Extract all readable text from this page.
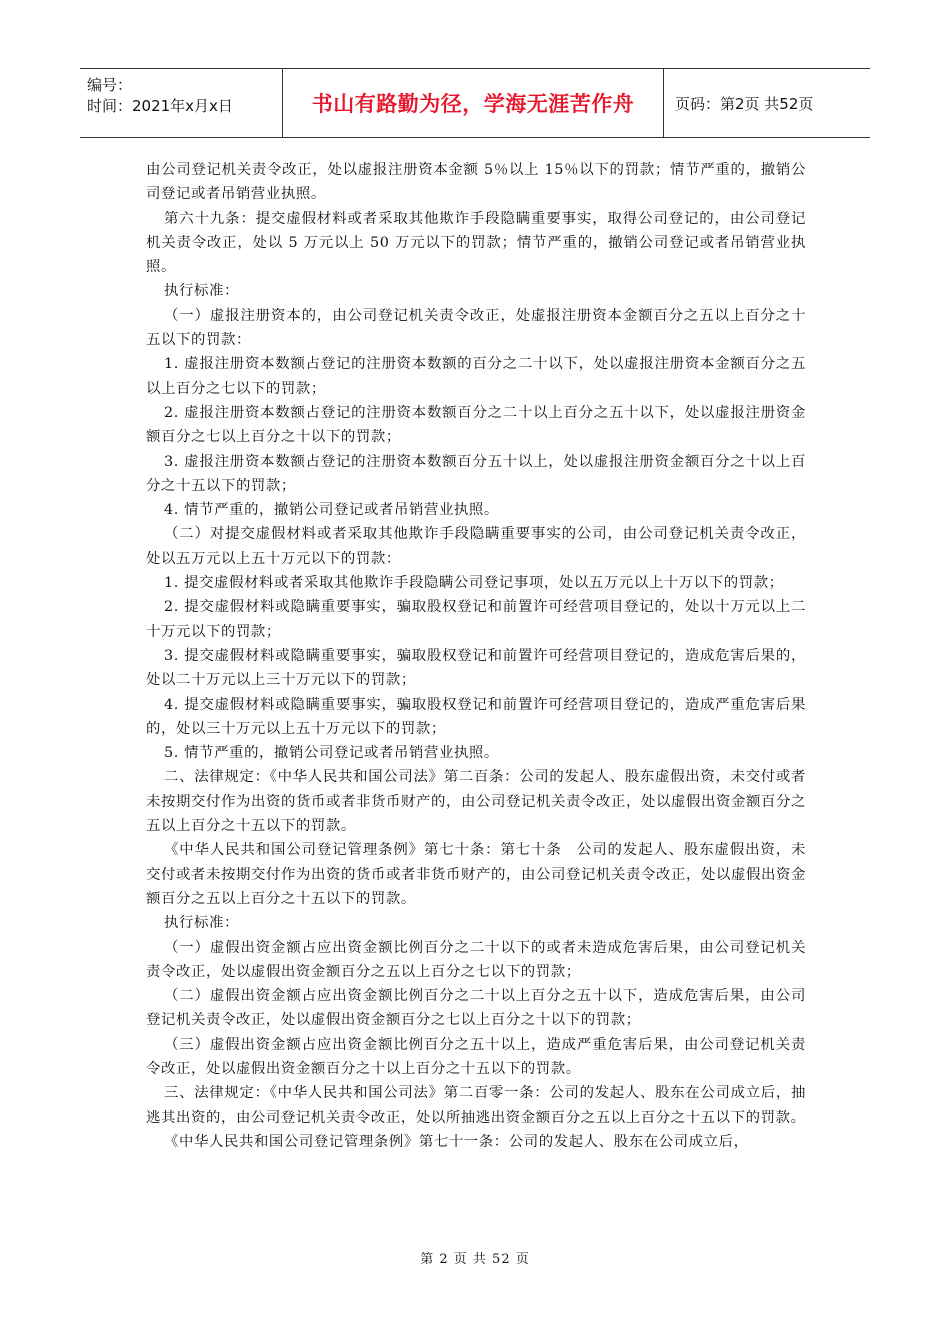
编号：
时间：2021年x月x日	书山有路勤为径，学海无涯苦作舟	页码：第2页 共52页

由公司登记机关责令改正，处以虚报注册资本金额 5％以上 15％以下的罚款；情节严重的，撤销公司登记或者吊销营业执照。

第六十九条：提交虚假材料或者采取其他欺诈手段隐瞒重要事实，取得公司登记的，由公司登记机关责令改正，处以 5 万元以上 50 万元以下的罚款；情节严重的，撤销公司登记或者吊销营业执照。

执行标准：

（一）虚报注册资本的，由公司登记机关责令改正，处虚报注册资本金额百分之五以上百分之十五以下的罚款：

1. 虚报注册资本数额占登记的注册资本数额的百分之二十以下，处以虚报注册资本金额百分之五以上百分之七以下的罚款；

2. 虚报注册资本数额占登记的注册资本数额百分之二十以上百分之五十以下，处以虚报注册资金额百分之七以上百分之十以下的罚款；

3. 虚报注册资本数额占登记的注册资本数额百分五十以上，处以虚报注册资金额百分之十以上百分之十五以下的罚款；

4. 情节严重的，撤销公司登记或者吊销营业执照。

（二）对提交虚假材料或者采取其他欺诈手段隐瞒重要事实的公司，由公司登记机关责令改正，处以五万元以上五十万元以下的罚款：

1. 提交虚假材料或者采取其他欺诈手段隐瞒公司登记事项，处以五万元以上十万以下的罚款；

2. 提交虚假材料或隐瞒重要事实，骗取股权登记和前置许可经营项目登记的，处以十万元以上二十万元以下的罚款；

3. 提交虚假材料或隐瞒重要事实，骗取股权登记和前置许可经营项目登记的，造成危害后果的，处以二十万元以上三十万元以下的罚款；

4. 提交虚假材料或隐瞒重要事实，骗取股权登记和前置许可经营项目登记的，造成严重危害后果的，处以三十万元以上五十万元以下的罚款；

5. 情节严重的，撤销公司登记或者吊销营业执照。

二、法律规定：《中华人民共和国公司法》第二百条：公司的发起人、股东虚假出资，未交付或者未按期交付作为出资的货币或者非货币财产的，由公司登记机关责令改正，处以虚假出资金额百分之五以上百分之十五以下的罚款。

《中华人民共和国公司登记管理条例》第七十条：第七十条　公司的发起人、股东虚假出资，未交付或者未按期交付作为出资的货币或者非货币财产的，由公司登记机关责令改正，处以虚假出资金额百分之五以上百分之十五以下的罚款。

执行标准：

（一）虚假出资金额占应出资金额比例百分之二十以下的或者未造成危害后果，由公司登记机关责令改正，处以虚假出资金额百分之五以上百分之七以下的罚款；

（二）虚假出资金额占应出资金额比例百分之二十以上百分之五十以下，造成危害后果，由公司登记机关责令改正，处以虚假出资金额百分之七以上百分之十以下的罚款；

（三）虚假出资金额占应出资金额比例百分之五十以上，造成严重危害后果，由公司登记机关责令改正，处以虚假出资金额百分之十以上百分之十五以下的罚款。

三、法律规定：《中华人民共和国公司法》第二百零一条：公司的发起人、股东在公司成立后，抽逃其出资的，由公司登记机关责令改正，处以所抽逃出资金额百分之五以上百分之十五以下的罚款。

《中华人民共和国公司登记管理条例》第七十一条：公司的发起人、股东在公司成立后，

第 2 页 共 52 页
